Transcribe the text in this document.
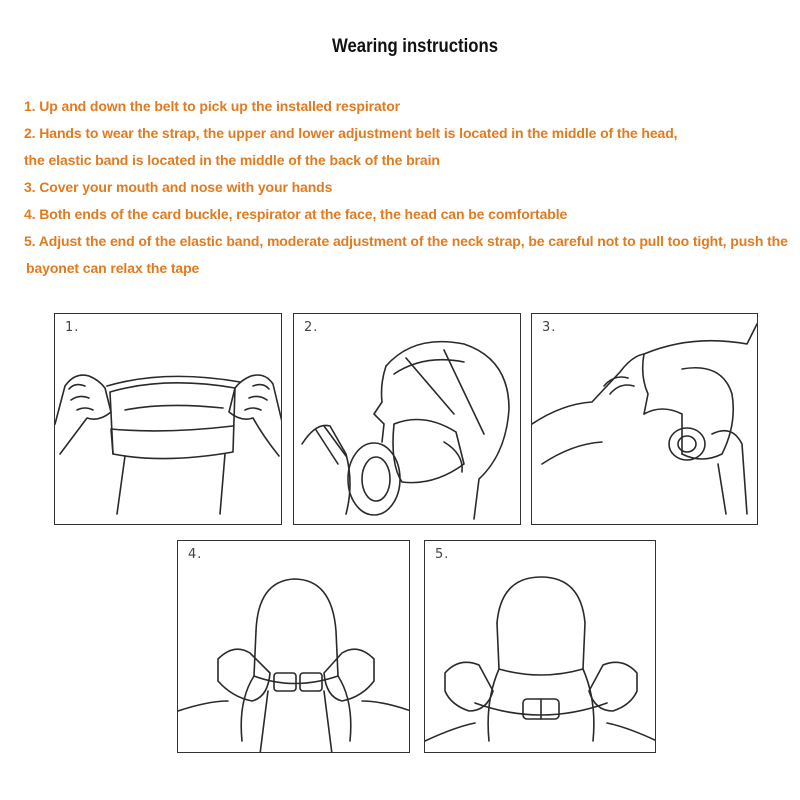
Wearing instructions
1. Up and down the belt to pick up the installed respirator
2. Hands to wear the strap, the upper and lower adjustment belt is located in the middle of the head,
the elastic band is located in the middle of the back of the brain
3. Cover your mouth and nose with your hands
4. Both ends of the card buckle, respirator at the face, the head can be comfortable
5. Adjust the end of the elastic band, moderate adjustment of the neck strap, be careful not to pull too tight, push the
bayonet can relax the tape
1.	2.	3.
4.	5.
